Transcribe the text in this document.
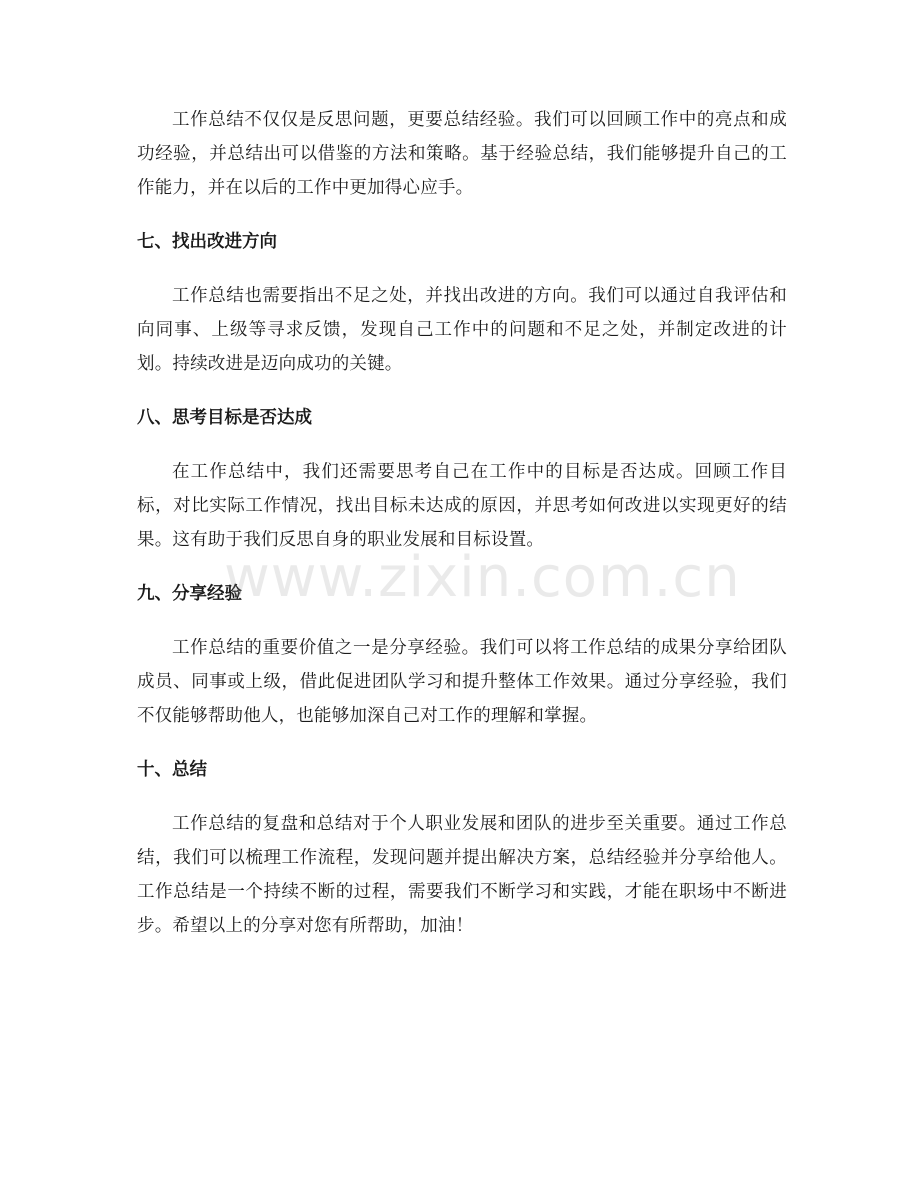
工作总结不仅仅是反思问题，更要总结经验。我们可以回顾工作中的亮点和成功经验，并总结出可以借鉴的方法和策略。基于经验总结，我们能够提升自己的工作能力，并在以后的工作中更加得心应手。

七、找出改进方向

工作总结也需要指出不足之处，并找出改进的方向。我们可以通过自我评估和向同事、上级等寻求反馈，发现自己工作中的问题和不足之处，并制定改进的计划。持续改进是迈向成功的关键。

八、思考目标是否达成

在工作总结中，我们还需要思考自己在工作中的目标是否达成。回顾工作目标，对比实际工作情况，找出目标未达成的原因，并思考如何改进以实现更好的结果。这有助于我们反思自身的职业发展和目标设置。

九、分享经验

工作总结的重要价值之一是分享经验。我们可以将工作总结的成果分享给团队成员、同事或上级，借此促进团队学习和提升整体工作效果。通过分享经验，我们不仅能够帮助他人，也能够加深自己对工作的理解和掌握。

十、总结

工作总结的复盘和总结对于个人职业发展和团队的进步至关重要。通过工作总结，我们可以梳理工作流程，发现问题并提出解决方案，总结经验并分享给他人。工作总结是一个持续不断的过程，需要我们不断学习和实践，才能在职场中不断进步。希望以上的分享对您有所帮助，加油！

www.zixin.com.cn
